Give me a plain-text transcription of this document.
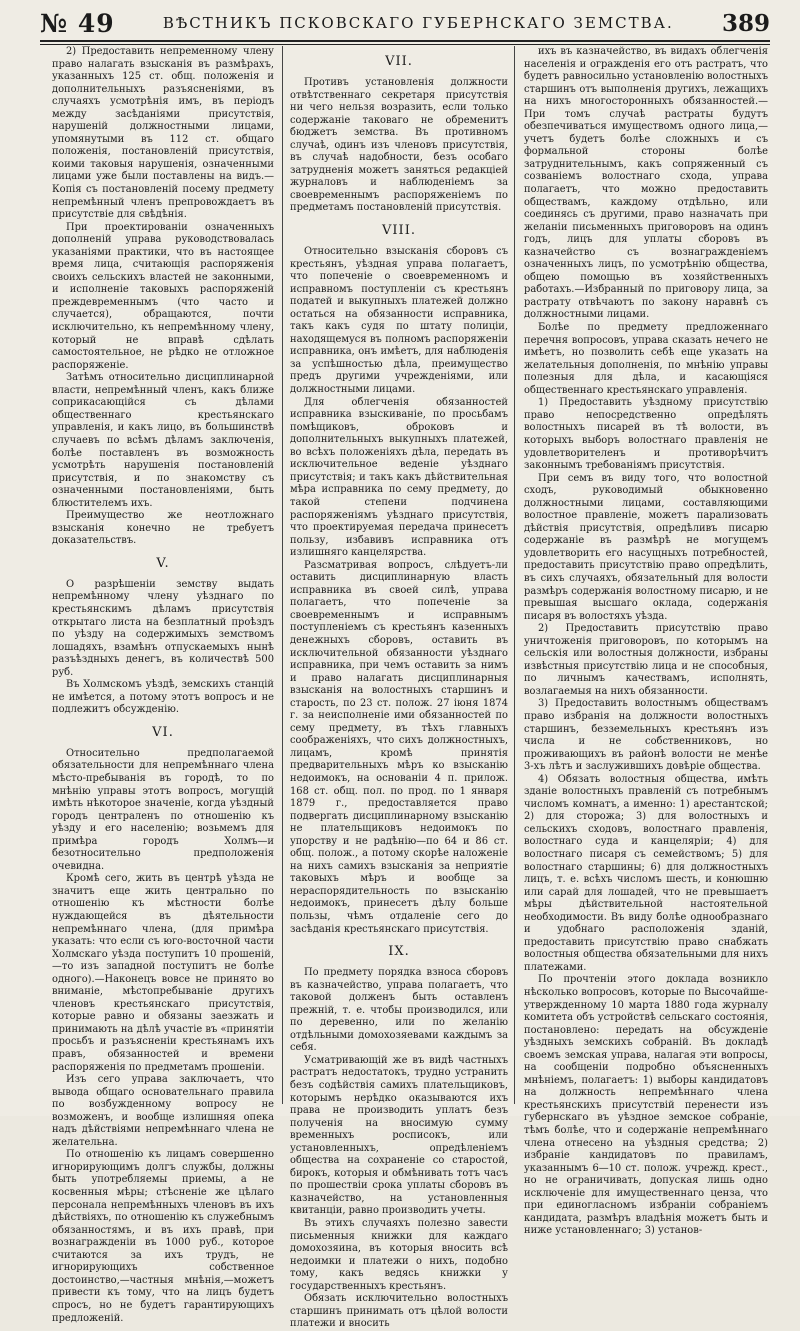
№ 49	ВѢСТНИКЪ ПСКОВСКАГО ГУБЕРНСКАГО ЗЕМСТВА. 389

2) Предоставить непременному члену право налагать взысканія въ размѣрахъ, указанныхъ 125 ст. общ. положенія и дополнительныхъ разъясненіями, въ случаяхъ усмотрѣнія имъ, въ періодъ между засѣданіями присутствія, нарушеній должностными лицами, упомянутыми въ 112 ст. общаго положенія, постановленій присутствія, коими таковыя нарушенія, означенными лицами уже были поставлены на видъ.—Копія съ постановленій посему предмету непремѣнный членъ препровождаетъ въ присутствіе для свѣдѣнія.

При проектированіи означенныхъ дополненій управа руководствовалась указаніями практики, что въ настоящее время лица, считающія распоряженія своихъ сельскихъ властей не законными, и исполненіе таковыхъ распоряженій преждевременнымъ (что часто и случается), обращаются, почти исключительно, къ непремѣнному члену, который не вправѣ сдѣлать самостоятельное, не рѣдко не отложное распоряженіе.

Затѣмъ относительно дисциплинарной власти, непремѣнный членъ, какъ ближе соприкасающійся съ дѣлами общественнаго крестьянскаго управленія, и какъ лицо, въ большинствѣ случаевъ по всѣмъ дѣламъ заключенія, болѣе поставленъ въ возможность усмотрѣть нарушенія постановленій присутствія, и по знакомству съ означенными постановленіями, быть блюстителемъ ихъ.

Преимущество же неотложнаго взысканія конечно не требуетъ доказательствъ.

V.

О разрѣшеніи земству выдать непремѣнному члену уѣзднаго по крестьянскимъ дѣламъ присутствія открытаго листа на безплатный проѣздъ по уѣзду на содержимыхъ земствомъ лошадяхъ, взамѣнъ отпускаемыхъ нынѣ разъѣздныхъ денегъ, въ количествѣ 500 руб.

Въ Холмскомъ уѣздѣ, земскихъ станцій не имѣется, а потому этотъ вопросъ и не подлежитъ обсужденію.

VI.

Относительно предполагаемой обязательности для непремѣннаго члена мѣсто-пребыванія въ городѣ, то по мнѣнію управы этотъ вопросъ, могущій имѣть нѣкоторое значеніе, когда уѣздный городъ централенъ по отношенію къ уѣзду и его населенію; возьмемъ для примѣра городъ Холмъ—и безотносительно предположенія очевидна.

Кромѣ сего, жить въ центрѣ уѣзда не значитъ еще жить центрально по отношенію къ мѣстности болѣе нуждающейся въ дѣятельности непремѣннаго члена, (для примѣра указать: что если съ юго-восточной части Холмскаго уѣзда поступитъ 10 прошеній,—то изъ западной поступитъ не болѣе одного).—Наконецъ вовсе не принято во вниманіе, мѣстопребываніе другихъ членовъ крестьянскаго присутствія, которые равно и обязаны заезжать и принимають на дѣлѣ участіе въ «принятіи просьбъ и разъясненіи крестьянамъ ихъ правъ, обязанностей и времени распоряженія по предметамъ прошеніи.

Изъ сего управа заключаетъ, что вывода общаго основательнаго правила по возбужденному вопросу не возможенъ, и вообще излишняя опека надъ дѣйствіями непремѣннаго члена не желательна.

По отношенію къ лицамъ совершенно игнорирующимъ долгъ службы, должны быть употребляемы приемы, а не косвенныя мѣры; стѣсненіе же цѣлаго персонала непремѣнныхъ членовъ въ ихъ дѣйствіяхъ, по отношенію къ служебнымъ обязанностямъ, и въ ихъ правѣ, при вознагражденіи въ 1000 руб., которое считаются за ихъ трудъ, не игнорирующихъ собственное достоинство,—частныя мнѣнія,—можетъ привести къ тому, что на лицъ будетъ спросъ, но не будетъ гарантирующихъ предложеній.

VII.

Противъ установленія должности отвѣтственнаго секретаря присутствія ни чего нельзя возразить, если только содержаніе таковаго не обременитъ бюджетъ земства. Въ противномъ случаѣ, одинъ изъ членовъ присутствія, въ случаѣ надобности, безъ особаго затрудненія можетъ заняться редакціей журналовъ и наблюденіемъ за своевременнымъ распоряженіемъ по предметамъ постановленій присутствія.

VIII.

Относительно взысканія сборовъ съ крестьянъ, уѣздная управа полагаетъ, что попеченіе о своевременномъ и исправномъ поступленіи съ крестьянъ податей и выкупныхъ платежей должно остаться на обязанности исправника, такъ какъ судя по штату полиціи, находящемуся въ полномъ распоряженіи исправника, онъ имѣетъ, для наблюденія за успѣшностью дѣла, преимущество предъ другими учрежденіями, или должностными лицами.

Для облегченія обязанностей исправника взыскиваніе, по просьбамъ помѣщиковъ, оброковъ и дополнительныхъ выкупныхъ платежей, во всѣхъ положеніяхъ дѣла, передать въ исключительное веденіе уѣзднаго присутствія; и такъ какъ дѣйствительная мѣра исправника по сему предмету, до такой степени подчинена распоряженіямъ уѣзднаго присутствія, что проектируемая передача принесетъ пользу, избавивъ исправника отъ излишняго канцелярства.

Разсматривая вопросъ, слѣдуетъ-ли оставить дисциплинарную власть исправника въ своей силѣ, управа полагаетъ, что попеченіе за своевременнымъ и исправнымъ поступленіемъ съ крестьянъ казенныхъ денежныхъ сборовъ, оставить въ исключительной обязанности уѣзднаго исправника, при чемъ оставить за нимъ и право налагать дисциплинарныя взысканія на волостныхъ старшинъ и старость, по 23 ст. полож. 27 іюня 1874 г. за неисполненіе ими обязанностей по сему предмету, въ тѣхъ главныхъ соображеніяхъ, что сихъ должностныхъ, лицамъ, кромѣ принятія предварительныхъ мѣръ ко взысканію недоимокъ, на основаніи 4 п. прилож. 168 ст. общ. пол. по прод. по 1 января 1879 г., предоставляется право подвергать дисциплинарному взысканію не плательщиковъ недоимокъ по упорству и не радѣнію—по 64 и 86 ст. общ. полож., а потому скорѣе наложеніе на нихъ самихъ взысканія за неприятіе таковыхъ мѣръ и вообще за нераспорядительность по взысканію недоимокъ, принесетъ дѣлу больше пользы, чѣмъ отдаленіе сего до засѣданія крестьянскаго присутствія.

IX.

По предмету порядка взноса сборовъ въ казначейство, управа полагаетъ, что таковой долженъ быть оставленъ прежній, т. е. чтобы производился, или по деревенно, или по желанію отдѣльными домохозяевами каждымъ за себя.

Усматривающій же въ видѣ частныхъ растратъ недостатокъ, трудно устранить безъ содѣйствія самихъ плательщиковъ, которымъ нерѣдко оказываются ихъ права не производить уплатъ безъ полученія на вносимую сумму временныхъ росписокъ, или установленныхъ, опредѣленіемъ общества на сохраненіе со старостой, бирокъ, которыя и обмѣнивать тотъ часъ по прошествіи срока уплаты сборовъ въ казначейство, на установленныя квитанціи, равно производить учеты.

Въ этихъ случаяхъ полезно завести письменныя книжки для каждаго домохозяина, въ которыя вносить всѣ недоимки и платежи о нихъ, подобно тому, какъ ведясь книжки у государственныхъ крестьянъ.

Обязать исключительно волостныхъ старшинъ принимать отъ цѣлой волости платежи и вносить

ихъ въ казначейство, въ видахъ облегченія населенія и огражденія его отъ растратъ, что будетъ равносильно установленію волостныхъ старшинъ отъ выполненія другихъ, лежащихъ на нихъ многосторонныхъ обязанностей.—При томъ случаѣ растраты будутъ обезпечиваться имуществомъ одного лица,—учетъ будетъ болѣе сложныхъ и съ формальной стороны болѣе затруднительнымъ, какъ сопряженный съ созваніемъ волостнаго схода, управа полагаетъ, что можно предоставить обществамъ, каждому отдѣльно, или соединясь съ другими, право назначать при желаніи письменныхъ приговоровъ на одинъ годъ, лицъ для уплаты сборовъ въ казначейство съ вознагражденіемъ означенныхъ лицъ, по усмотрѣнію общества, общею помощью въ хозяйственныхъ работахъ.—Избранный по приговору лица, за растрату отвѣчаютъ по закону наравнѣ съ должностными лицами.

Болѣе по предмету предложеннаго перечня вопросовъ, управа сказать нечего не имѣетъ, но позволить себѣ еще указать на желательныя дополненія, по мнѣнію управы полезныя для дѣла, и касающіяся общественнаго крестьянскаго управленія.

1) Предоставить уѣздному присутствію право непосредственно опредѣлять волостныхъ писарей въ тѣ волости, въ которыхъ выборъ волостнаго правленія не удовлетворителенъ и противорѣчитъ законнымъ требованіямъ присутствія.

При семъ въ виду того, что волостной сходъ, руководимый обыкновенно должностными лицами, составляющими волостное правленіе, можетъ парализовать дѣйствія присутствія, опредѣливъ писарю содержаніе въ размѣрѣ не могущемъ удовлетворить его насущныхъ потребностей, предоставить присутствію право опредѣлить, въ сихъ случаяхъ, обязательный для волости размѣръ содержанія волостному писарю, и не превышая высшаго оклада, содержанія писаря въ волостяхъ уѣзда.

2) Предоставить присутствію право уничтоженія приговоровъ, по которымъ на сельскія или волостныя должности, избраны извѣстныя присутствію лица и не способныя, по личнымъ качествамъ, исполнять, возлагаемыя на нихъ обязанности.

3) Предоставить волостнымъ обществамъ право избранія на должности волостныхъ старшинъ, безземельныхъ крестьянъ изъ числа и не собственниковъ, но проживающихъ въ районѣ волости не менѣе 3-хъ лѣтъ и заслужившихъ довѣріе общества.

4) Обязать волостныя общества, имѣть зданіе волостныхъ правленій съ потребнымъ числомъ комнатъ, а именно: 1) арестантской; 2) для сторожа; 3) для волостныхъ и сельскихъ сходовъ, волостнаго правленія, волостнаго суда и канцеляріи; 4) для волостнаго писаря съ семействомъ; 5) для волостнаго старшины; 6) для должностныхъ лицъ, т. е. всѣхъ числомъ шесть, и конюшню или сарай для лошадей, что не превышаетъ мѣры дѣйствительной настоятельной необходимости. Въ виду болѣе однообразнаго и удобнаго расположенія зданій, предоставить присутствію право снабжать волостныя общества обязательными для нихъ платежами.

По прочтеніи этого доклада возникло нѣсколько вопросовъ, которые по Высочайше-утвержденному 10 марта 1880 года журналу комитета объ устройствѣ сельскаго состоянія, постановлено: передать на обсужденіе уѣздныхъ земскихъ собраній. Въ докладѣ своемъ земская управа, налагая эти вопросы, на сообщеніи подробно объясненныхъ мнѣніемъ, полагаетъ: 1) выборы кандидатовъ на должность непремѣннаго члена крестьянскихъ присутствій перенести изъ губернскаго въ уѣздное земское собраніе, тѣмъ болѣе, что и содержаніе непремѣннаго члена отнесено на уѣздныя средства; 2) избраніе кандидатовъ по правиламъ, указаннымъ 6—10 ст. полож. учрежд. крест., но не ограничивать, допуская лишь одно исключеніе для имущественнаго ценза, что при единогласномъ избраніи собраніемъ кандидата, размѣръ владѣнія можетъ быть и ниже установленнаго; 3) установ-
